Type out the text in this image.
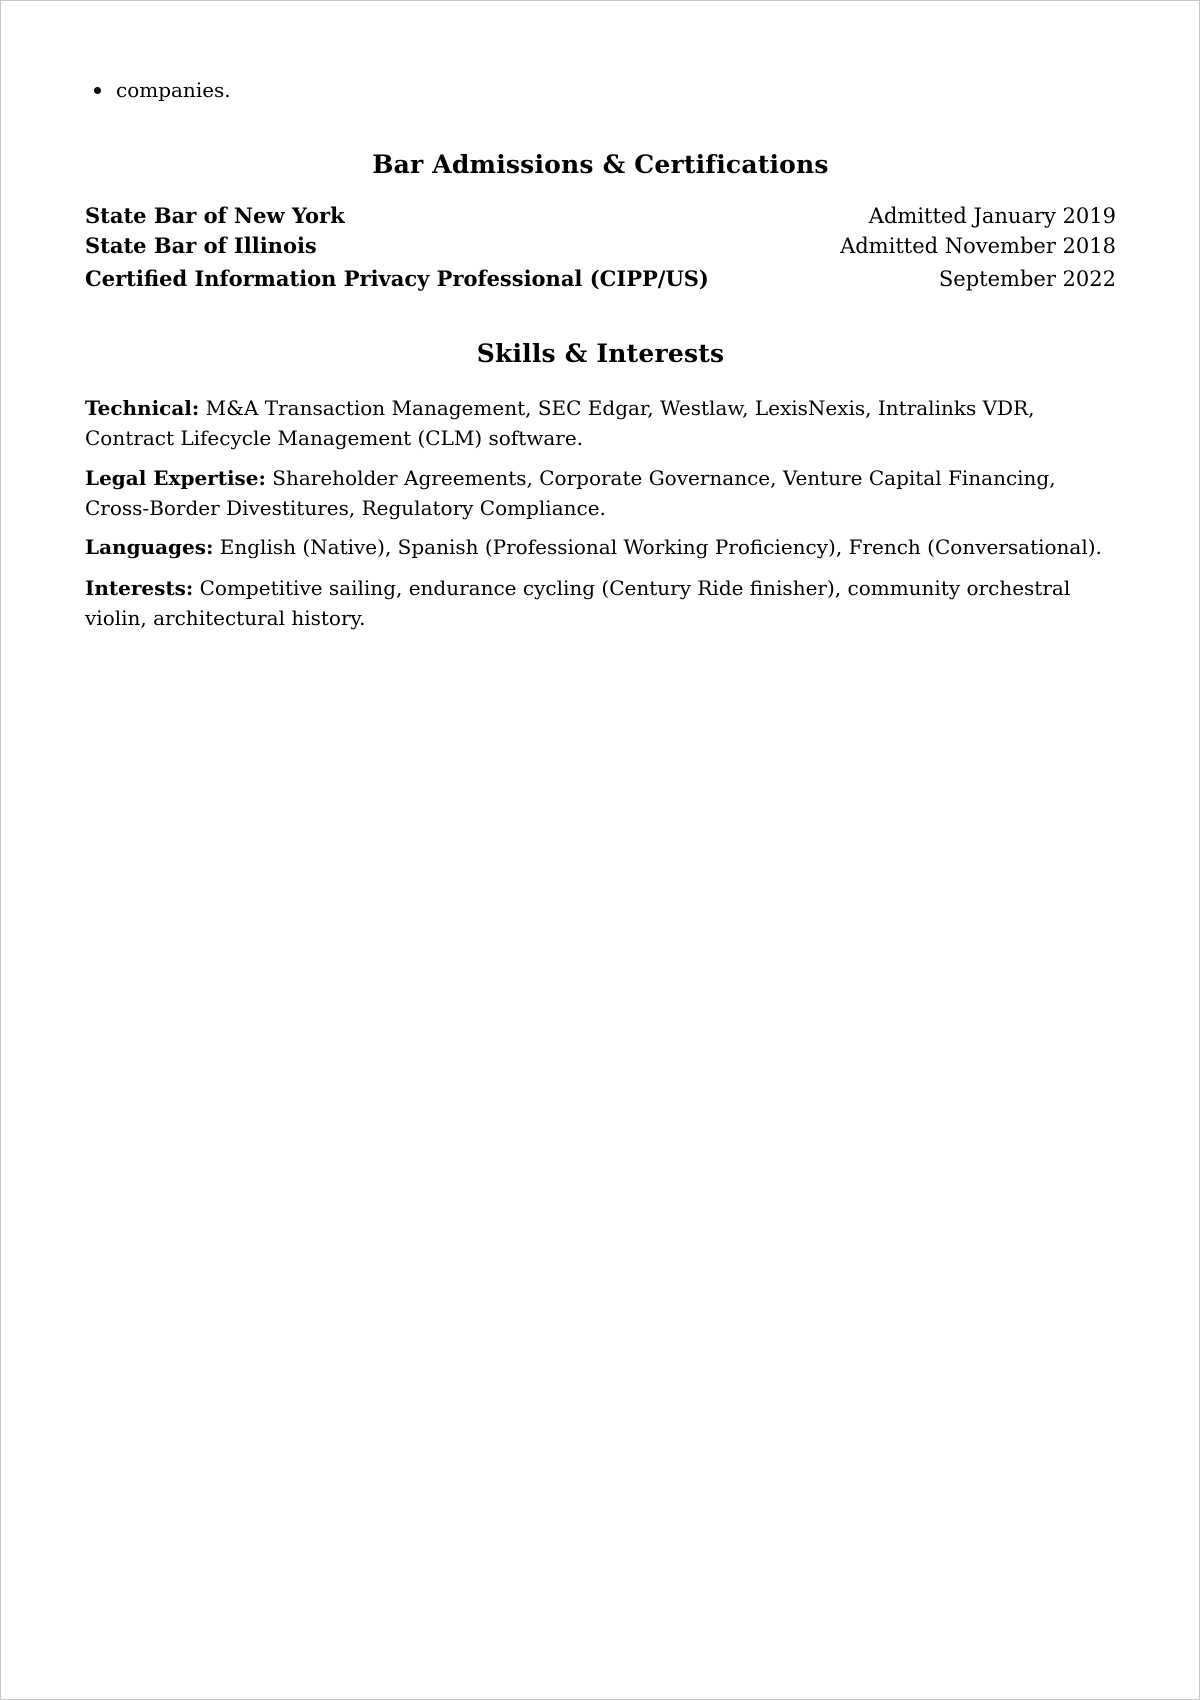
companies.
Bar Admissions & Certifications
State Bar of New York	Admitted January 2019
State Bar of Illinois	Admitted November 2018
Certified Information Privacy Professional (CIPP/US)	September 2022
Skills & Interests

Technical: M&A Transaction Management, SEC Edgar, Westlaw, LexisNexis, Intralinks VDR, Contract Lifecycle Management (CLM) software.

Legal Expertise: Shareholder Agreements, Corporate Governance, Venture Capital Financing, Cross-Border Divestitures, Regulatory Compliance.

Languages: English (Native), Spanish (Professional Working Proficiency), French (Conversational).

Interests: Competitive sailing, endurance cycling (Century Ride finisher), community orchestral violin, architectural history.
